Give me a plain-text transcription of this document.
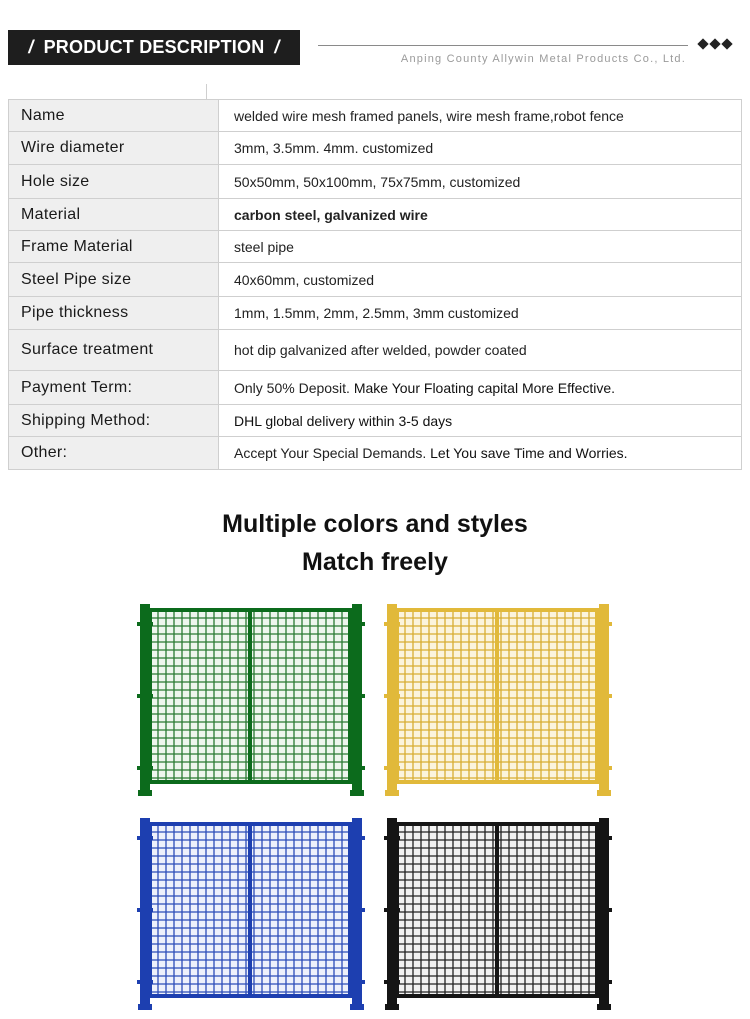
/ PRODUCT DESCRIPTION /
Anping County Allywin Metal Products Co., Ltd.
Name	welded wire mesh framed panels, wire mesh frame,robot fence
Wire diameter	3mm, 3.5mm. 4mm. customized
Hole size	50x50mm, 50x100mm, 75x75mm, customized
Material	carbon steel, galvanized wire
Frame Material	steel pipe
Steel Pipe size	40x60mm, customized
Pipe thickness	1mm, 1.5mm, 2mm, 2.5mm, 3mm customized
Surface treatment	hot dip galvanized after welded, powder coated
Payment Term:	Only 50% Deposit. Make Your Floating capital More Effective.
Shipping Method:	DHL global delivery within 3-5 days
Other:	Accept Your Special Demands. Let You save Time and Worries.
Multiple colors and styles
Match freely
